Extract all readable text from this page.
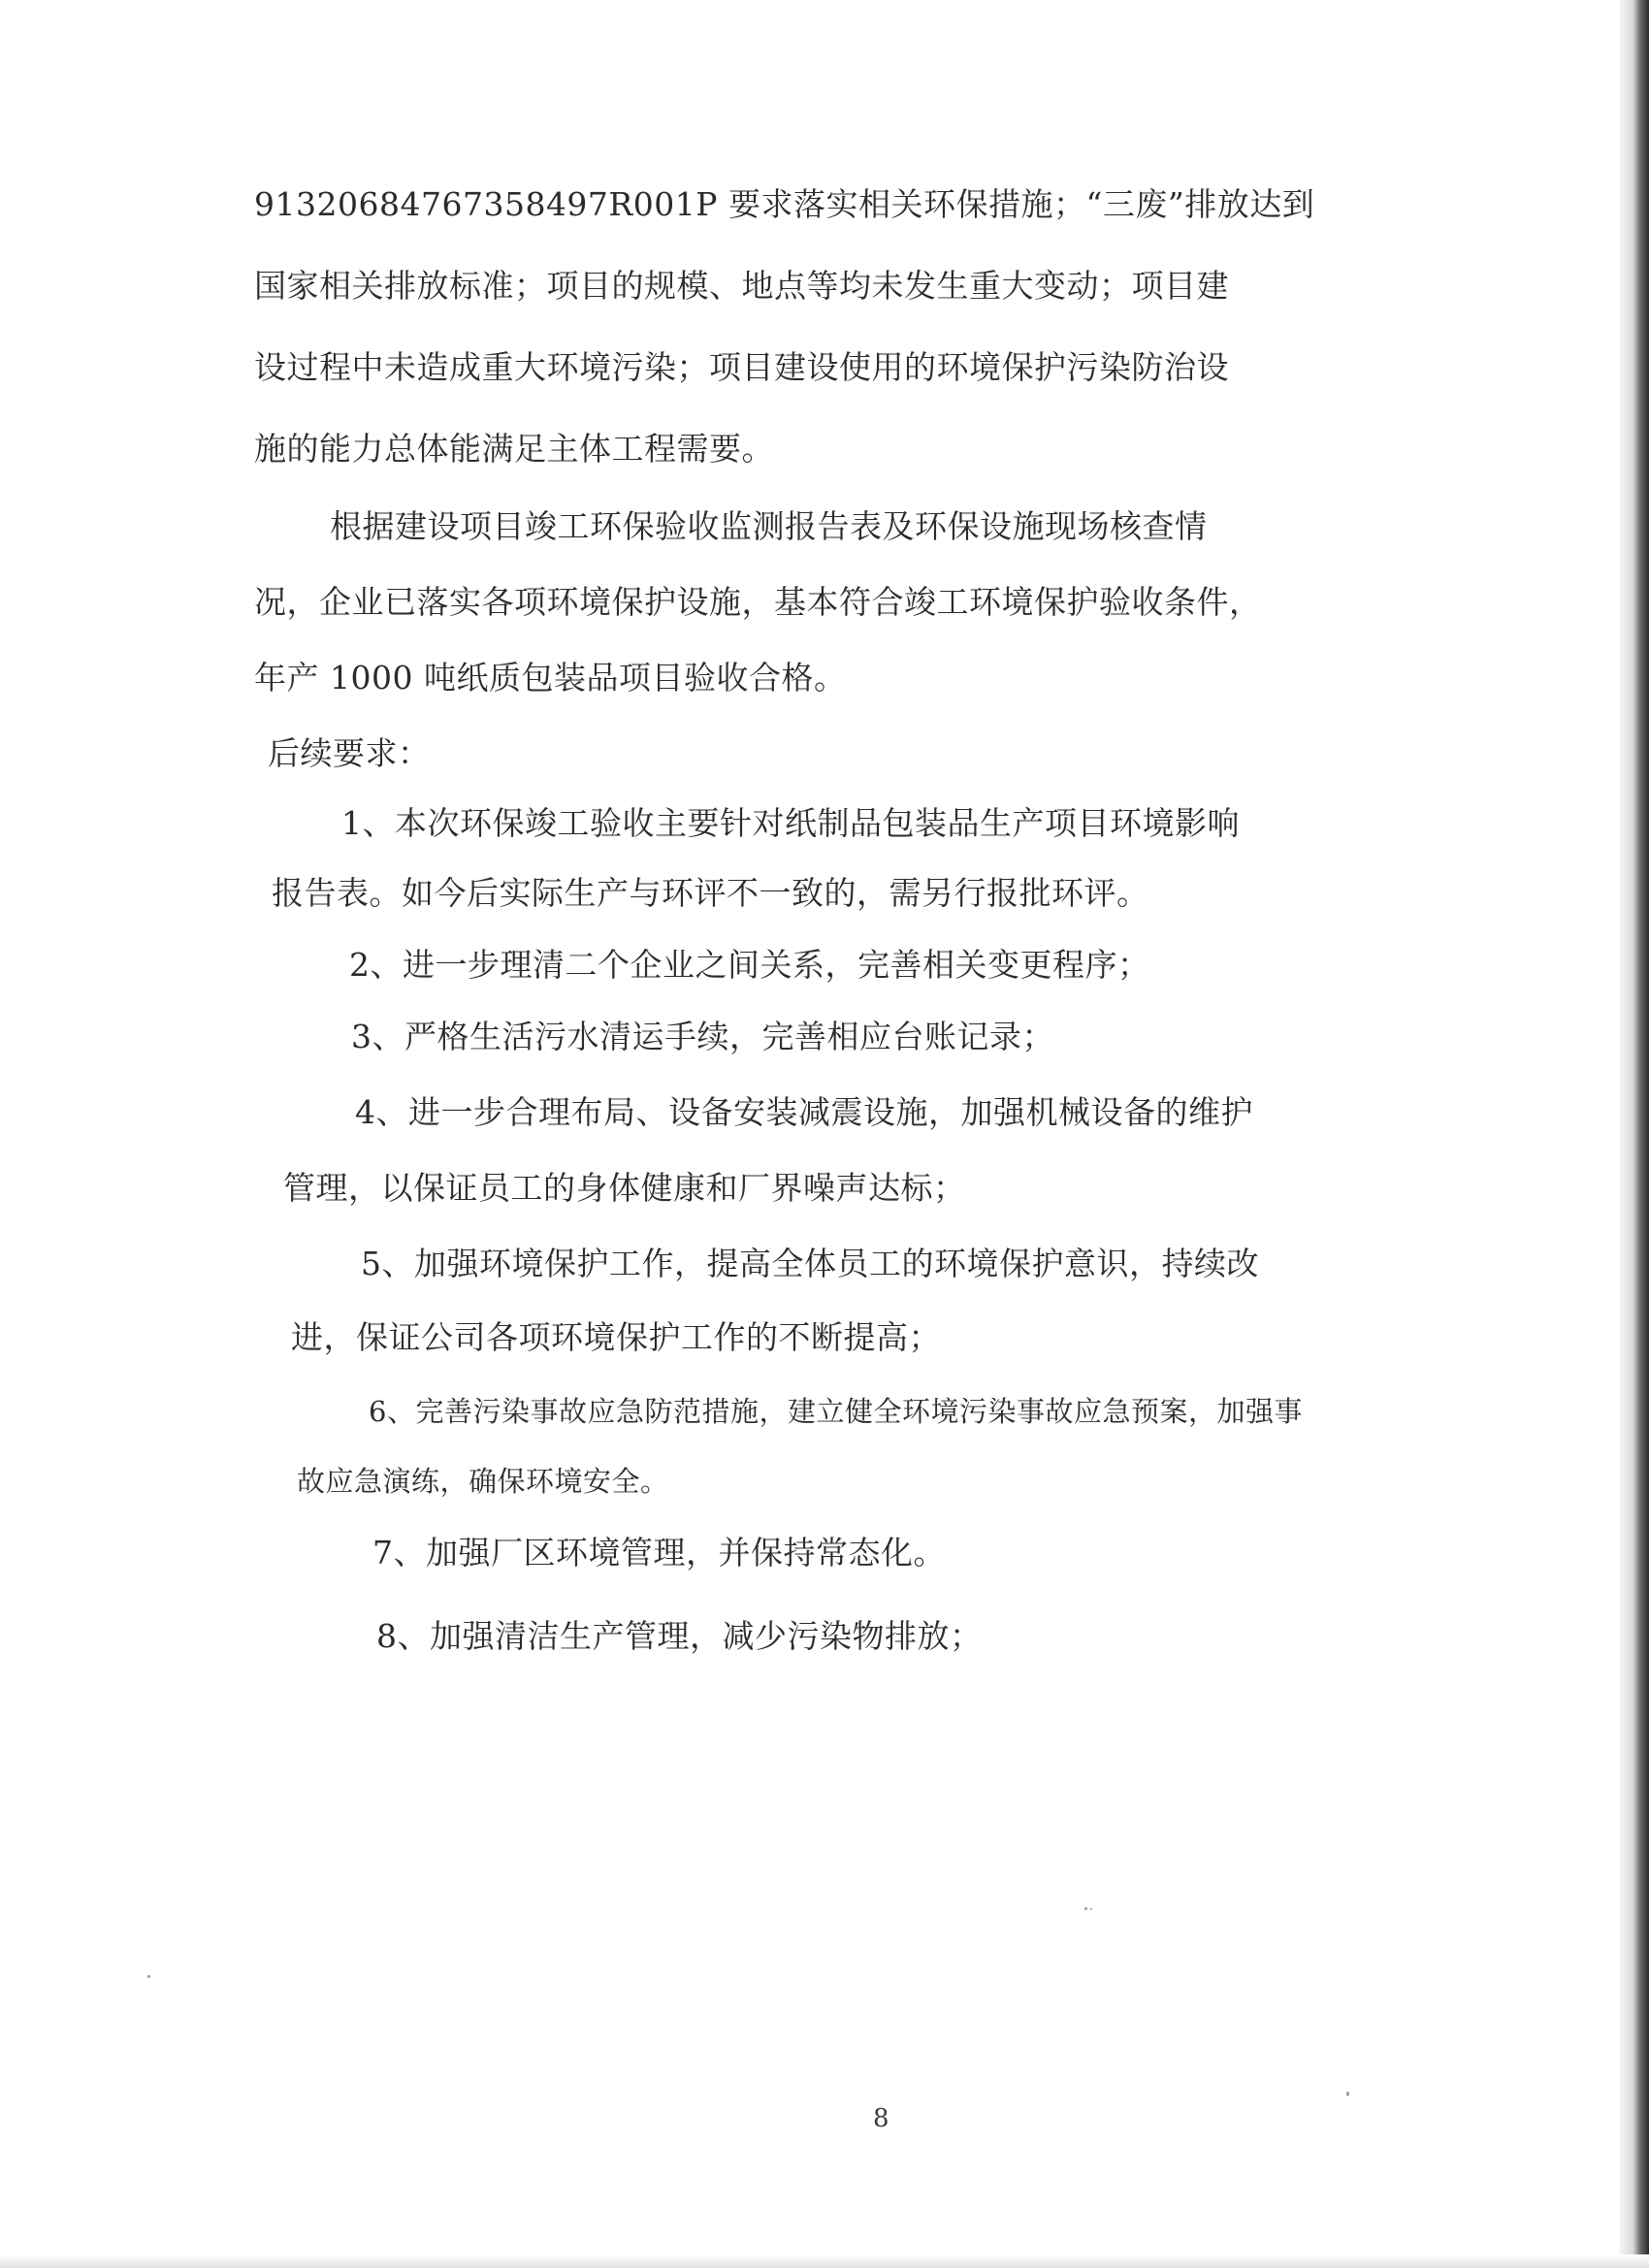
91320684767358497R001P 要求落实相关环保措施；“三废”排放达到

国家相关排放标准；项目的规模、地点等均未发生重大变动；项目建

设过程中未造成重大环境污染；项目建设使用的环境保护污染防治设

施的能力总体能满足主体工程需要。

根据建设项目竣工环保验收监测报告表及环保设施现场核查情

况，企业已落实各项环境保护设施，基本符合竣工环境保护验收条件，

年产 1000 吨纸质包装品项目验收合格。

后续要求：

1、本次环保竣工验收主要针对纸制品包装品生产项目环境影响

报告表。如今后实际生产与环评不一致的，需另行报批环评。

2、进一步理清二个企业之间关系，完善相关变更程序；

3、严格生活污水清运手续，完善相应台账记录；

4、进一步合理布局、设备安装减震设施，加强机械设备的维护

管理，以保证员工的身体健康和厂界噪声达标；

5、加强环境保护工作，提高全体员工的环境保护意识，持续改

进，保证公司各项环境保护工作的不断提高；

6、完善污染事故应急防范措施，建立健全环境污染事故应急预案，加强事

故应急演练，确保环境安全。

7、加强厂区环境管理，并保持常态化。

8、加强清洁生产管理，减少污染物排放；

8
